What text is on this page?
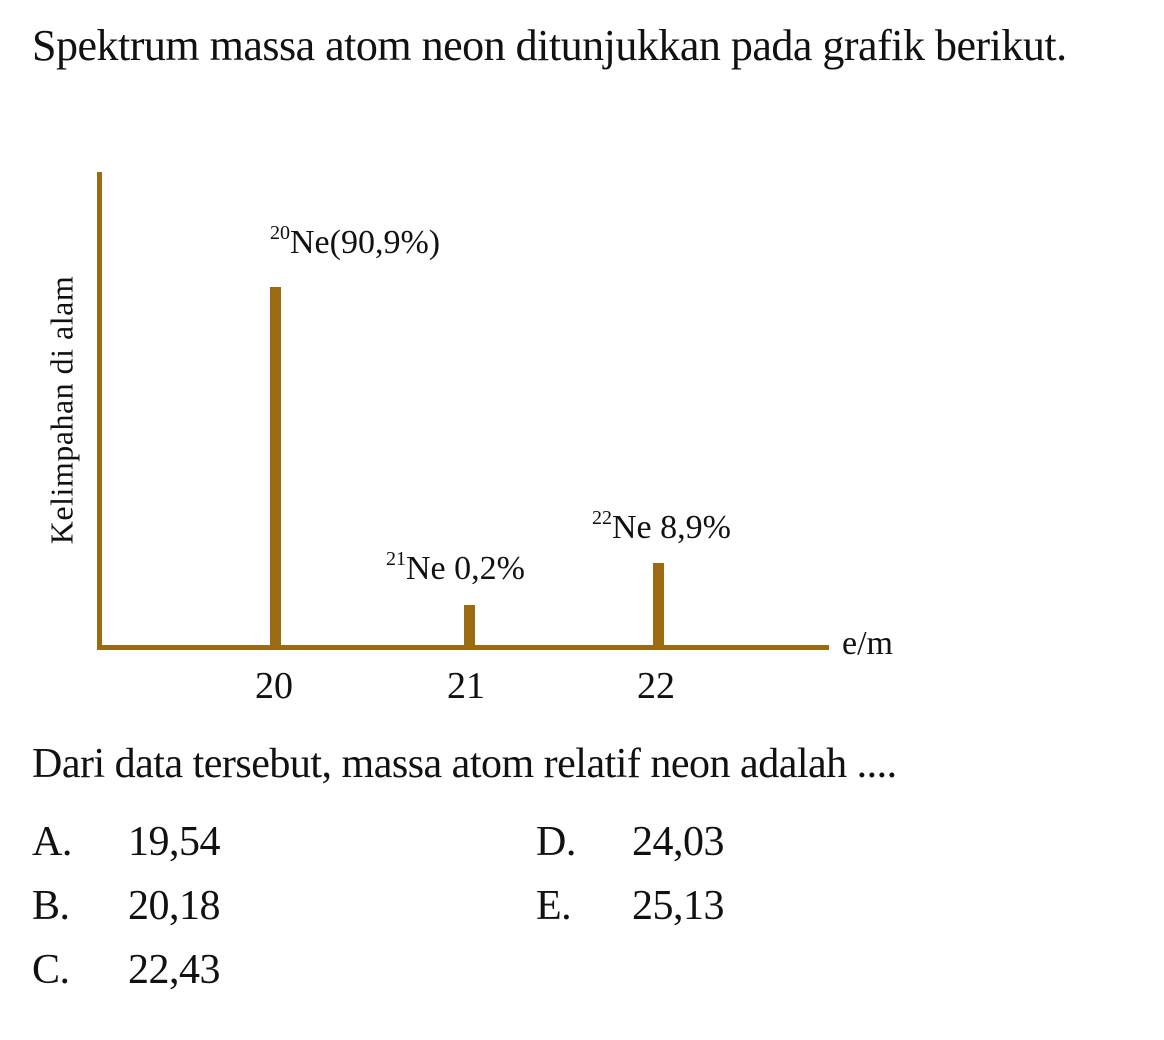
Spektrum massa atom neon ditunjukkan pada grafik berikut.
Kelimpahan di alam
e/m
$^{20}$Ne(90,9%)
$^{21}$Ne 0,2%
$^{22}$Ne 8,9%
20	21	22
Dari data tersebut, massa atom relatif neon adalah ....
A. 19,54
B. 20,18
C. 22,43
D. 24,03
E. 25,13
